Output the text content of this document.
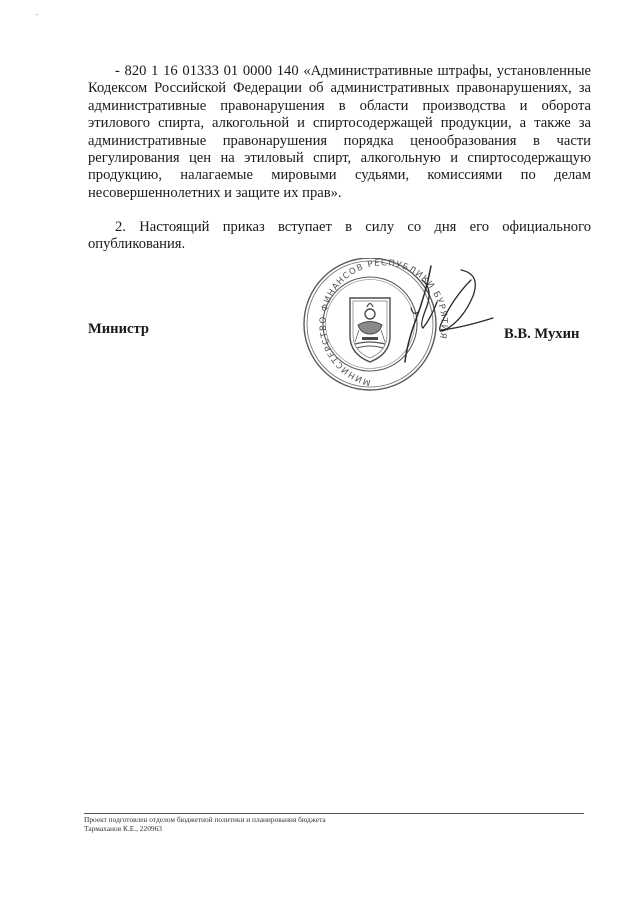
- 820 1 16 01333 01 0000 140 «Административные штрафы, установленные Кодексом Российской Федерации об административных правонарушениях, за административные правонарушения в области производства и оборота этилового спирта, алкогольной и спиртосодержащей продукции, а также за административные правонарушения порядка ценообразования в части регулирования цен на этиловый спирт, алкогольную и спиртосодержащую продукцию, налагаемые мировыми судьями, комиссиями по делам несовершеннолетних и защите их прав».

2. Настоящий приказ вступает в силу со дня его официального опубликования.

Министр
МИНИСТЕРСТВО ФИНАНСОВ РЕСПУБЛИКИ БУРЯТИЯ	В.В. Мухин

Проект подготовлен отделом бюджетной политики и планирования бюджета
Тармаханов К.Е., 220963
